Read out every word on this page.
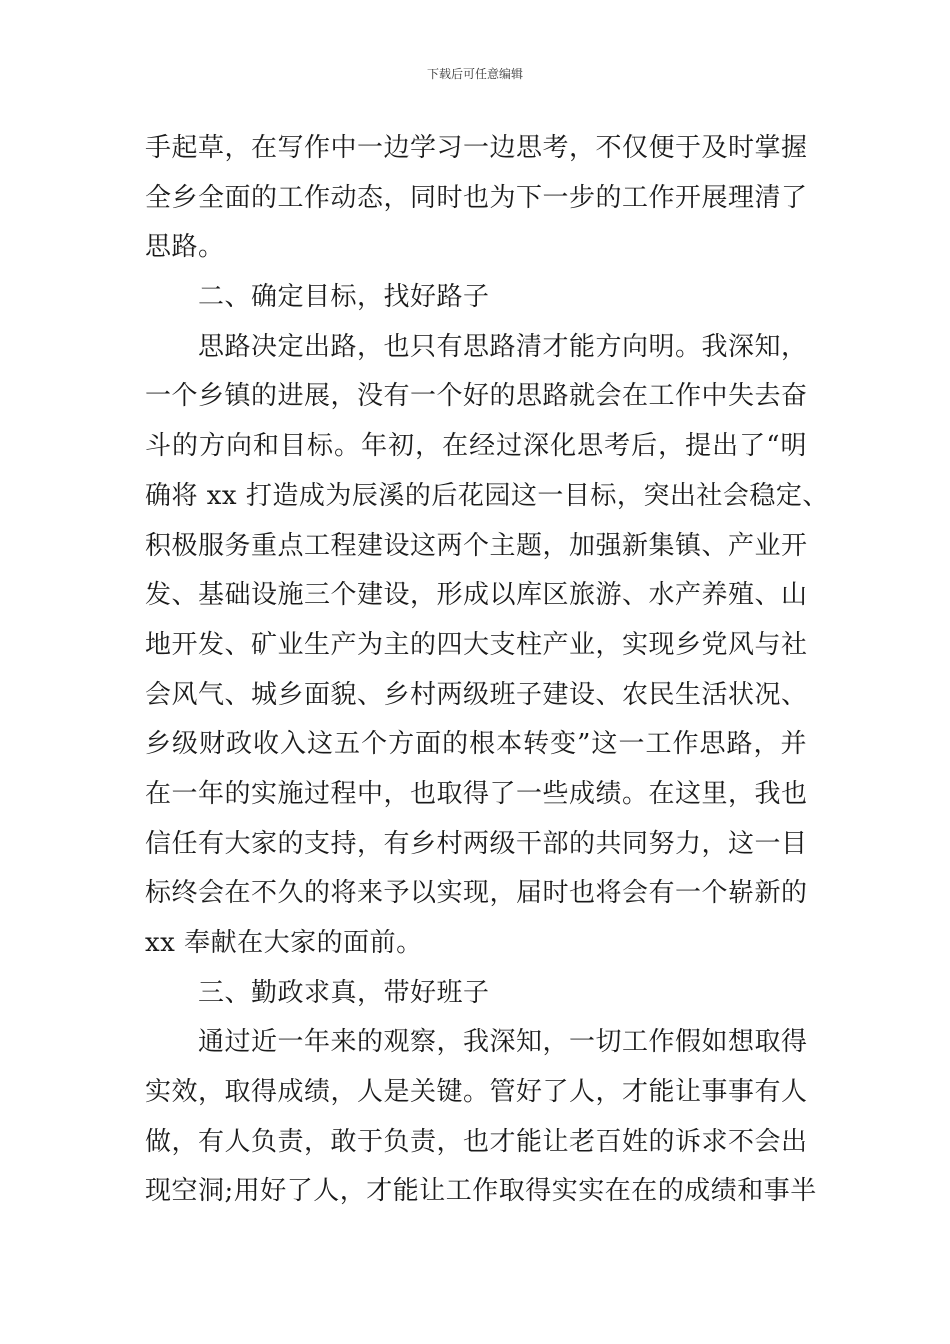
下载后可任意编辑
手起草，在写作中一边学习一边思考，不仅便于及时掌握
全乡全面的工作动态，同时也为下一步的工作开展理清了
思路。
二、确定目标，找好路子
思路决定出路，也只有思路清才能方向明。我深知，
一个乡镇的进展，没有一个好的思路就会在工作中失去奋
斗的方向和目标。年初，在经过深化思考后，提出了“明
确将 xx 打造成为辰溪的后花园这一目标，突出社会稳定、
积极服务重点工程建设这两个主题，加强新集镇、产业开
发、基础设施三个建设，形成以库区旅游、水产养殖、山
地开发、矿业生产为主的四大支柱产业，实现乡党风与社
会风气、城乡面貌、乡村两级班子建设、农民生活状况、
乡级财政收入这五个方面的根本转变”这一工作思路，并
在一年的实施过程中，也取得了一些成绩。在这里，我也
信任有大家的支持，有乡村两级干部的共同努力，这一目
标终会在不久的将来予以实现，届时也将会有一个崭新的
xx 奉献在大家的面前。
三、勤政求真，带好班子
通过近一年来的观察，我深知，一切工作假如想取得
实效，取得成绩，人是关键。管好了人，才能让事事有人
做，有人负责，敢于负责，也才能让老百姓的诉求不会出
现空洞;用好了人，才能让工作取得实实在在的成绩和事半
